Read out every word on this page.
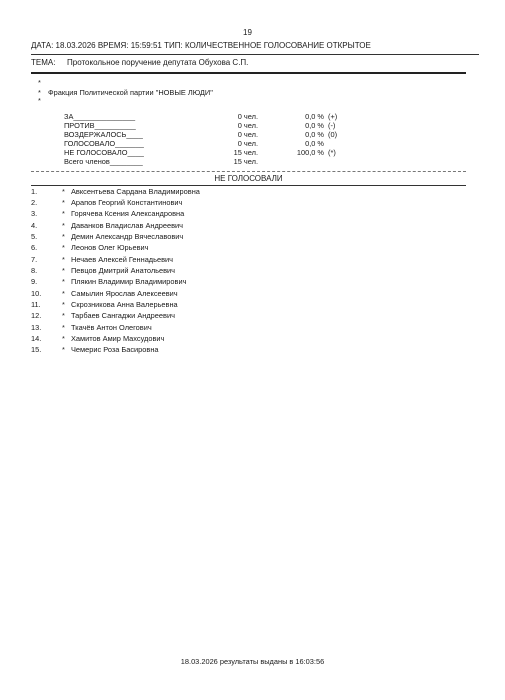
19
ДАТА: 18.03.2026 ВРЕМЯ: 15:59:51 ТИП: КОЛИЧЕСТВЕННОЕ ГОЛОСОВАНИЕ ОТКРЫТОЕ
ТЕМА: Протокольное поручение депутата Обухова С.П.
*
* Фракция Политической партии "НОВЫЕ ЛЮДИ"
*
ЗА_______________	0 чел.	0,0 % (+)
ПРОТИВ__________	0 чел.	0,0 % (-)
ВОЗДЕРЖАЛОСЬ____	0 чел.	0,0 % (0)
ГОЛОСОВАЛО_______	0 чел.	0,0 %
НЕ ГОЛОСОВАЛО____	15 чел.	100,0 % (*)
Всего членов________	15 чел.
НЕ ГОЛОСОВАЛИ
1.	* Авксентьева Сардана Владимировна
2.	* Арапов Георгий Константинович
3.	* Горячева Ксения Александровна
4.	* Даванков Владислав Андреевич
5.	* Демин Александр Вячеславович
6.	* Леонов Олег Юрьевич
7.	* Нечаев Алексей Геннадьевич
8.	* Певцов Дмитрий Анатольевич
9.	* Плякин Владимир Владимирович
10.	* Самылин Ярослав Алексеевич
11.	* Скрозникова Анна Валерьевна
12.	* Тарбаев Сангаджи Андреевич
13.	* Ткачёв Антон Олегович
14.	* Хамитов Амир Махсудович
15.	* Чемерис Роза Басировна
18.03.2026 результаты выданы в 16:03:56
